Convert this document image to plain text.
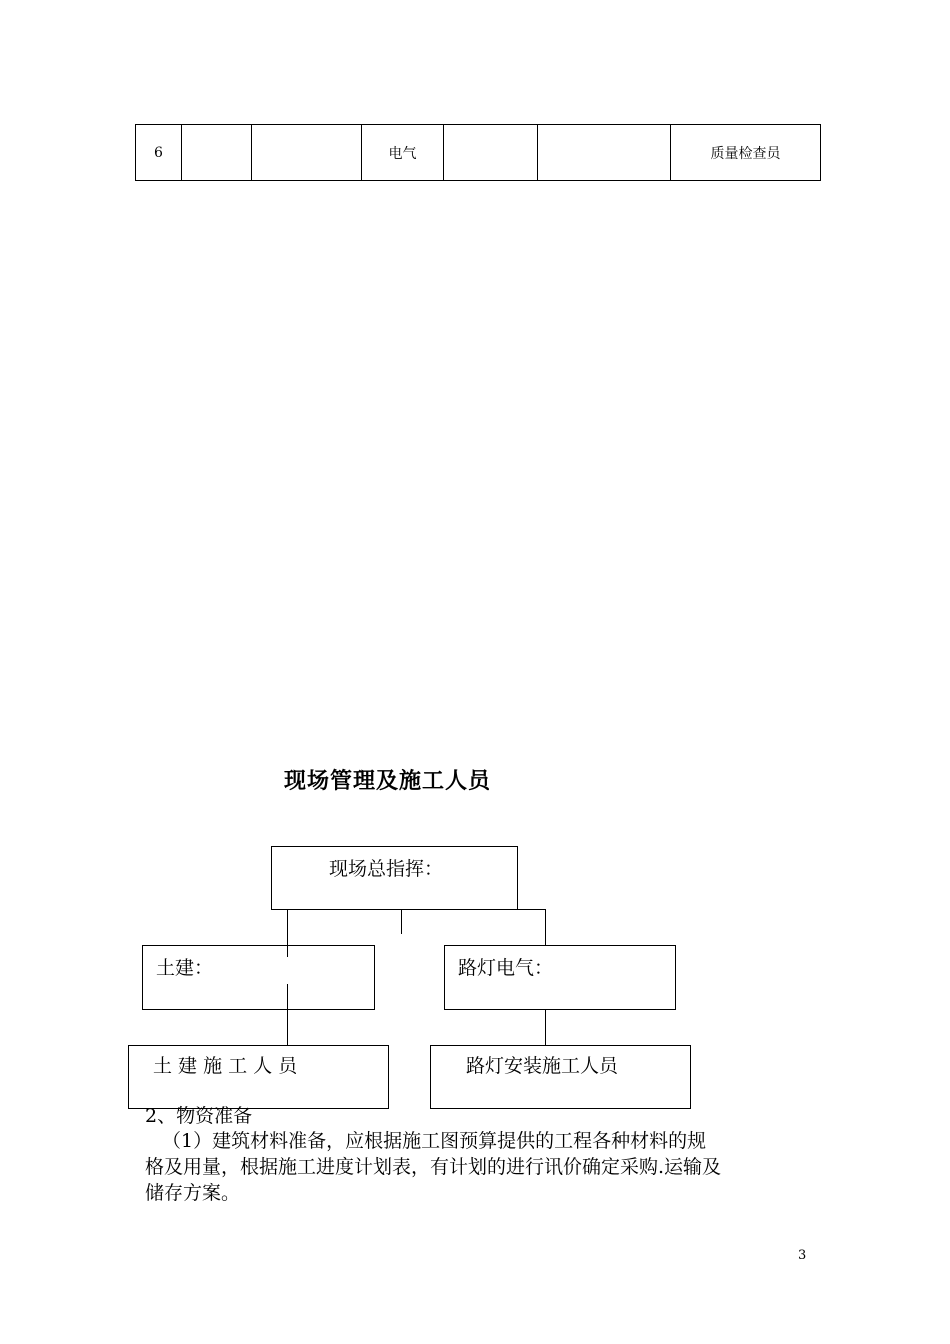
6			电气			质量检查员
现场管理及施工人员
现场总指挥：
土建：	路灯电气：
土 建 施 工 人 员	路灯安装施工人员
2、物资准备
（1）建筑材料准备，应根据施工图预算提供的工程各种材料的规
格及用量，根据施工进度计划表，有计划的进行讯价确定采购.运输及
储存方案。
3
